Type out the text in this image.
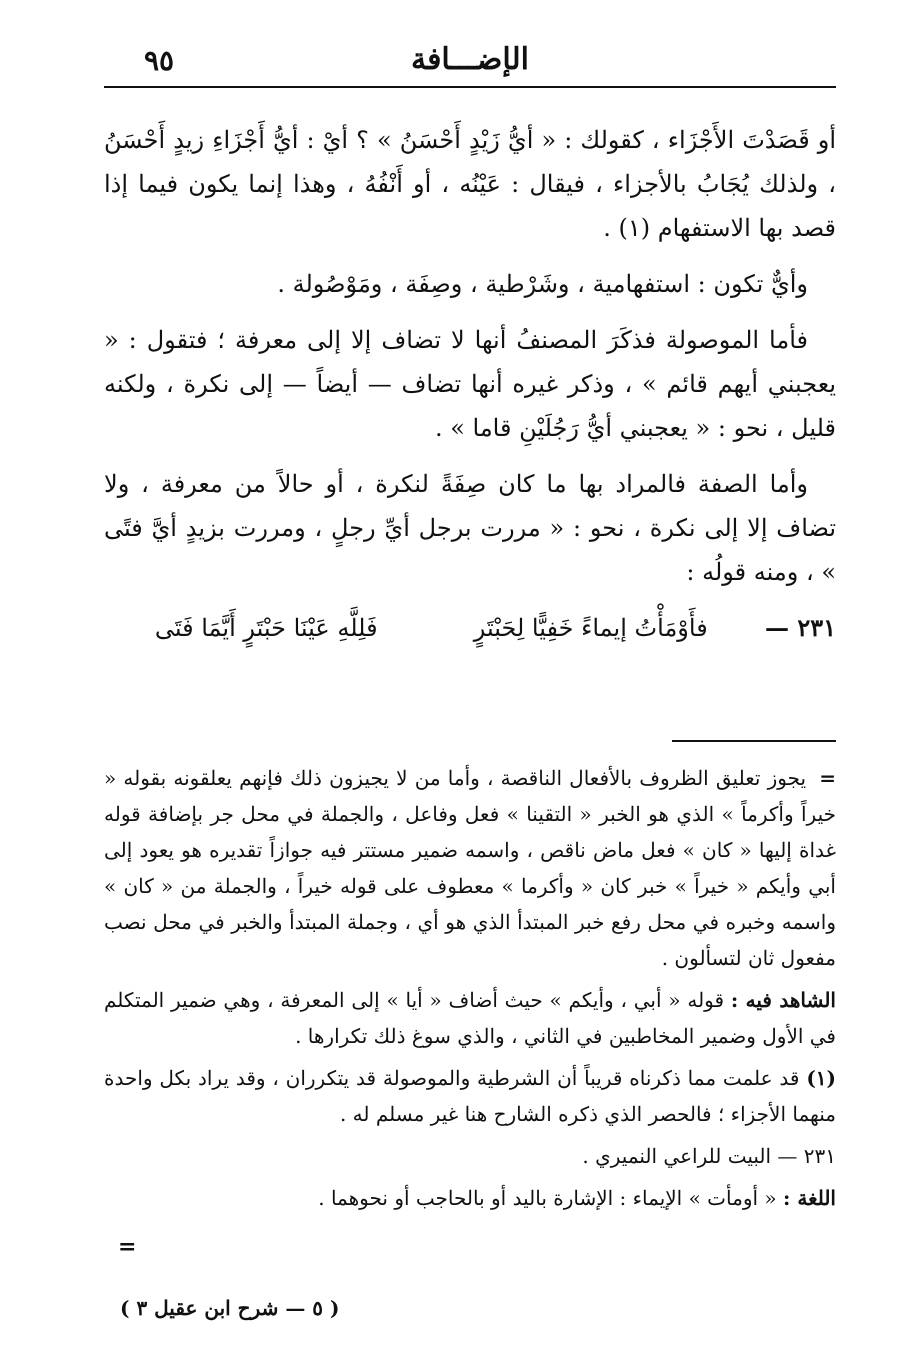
٩٥	الإضـــافة

أو قَصَدْتَ الأَجْزَاء ، كقولك : « أيُّ زَيْدٍ أَحْسَنُ » ؟ أيْ : أيُّ أَجْزَاءِ زيدٍ أَحْسَنُ ، ولذلك يُجَابُ بالأجزاء ، فيقال : عَيْنُه ، أو أَنْفُهُ ، وهذا إنما يكون فيما إذا قصد بها الاستفهام (١) .

وأيٌّ تكون : استفهامية ، وشَرْطية ، وصِفَة ، ومَوْصُولة .

فأما الموصولة فذكَرَ المصنفُ أنها لا تضاف إلا إلى معرفة ؛ فتقول : « يعجبني أيهم قائم » ، وذكر غيره أنها تضاف — أيضاً — إلى نكرة ، ولكنه قليل ، نحو : « يعجبني أيُّ رَجُلَيْنِ قاما » .

وأما الصفة فالمراد بها ما كان صِفَةً لنكرة ، أو حالاً من معرفة ، ولا تضاف إلا إلى نكرة ، نحو : « مررت برجل أيِّ رجلٍ ، ومررت بزيدٍ أيَّ فتًى » ، ومنه قولُه :

٢٣١ —
فأَوْمَأْتُ إيماءً خَفِيًّا لِحَبْتَرٍ
فَلِلَّهِ عَيْنَا حَبْتَرٍ أَيَّمَا فَتَى

= يجوز تعليق الظروف بالأفعال الناقصة ، وأما من لا يجيزون ذلك فإنهم يعلقونه بقوله « خيراً وأكرماً » الذي هو الخبر « التقينا » فعل وفاعل ، والجملة في محل جر بإضافة قوله غداة إليها « كان » فعل ماض ناقص ، واسمه ضمير مستتر فيه جوازاً تقديره هو يعود إلى أبي وأيكم « خيراً » خبر كان « وأكرما » معطوف على قوله خيراً ، والجملة من « كان » واسمه وخبره في محل رفع خبر المبتدأ الذي هو أي ، وجملة المبتدأ والخبر في محل نصب مفعول ثان لتسألون .

الشاهد فيه : قوله « أبي ، وأيكم » حيث أضاف « أيا » إلى المعرفة ، وهي ضمير المتكلم في الأول وضمير المخاطبين في الثاني ، والذي سوغ ذلك تكرارها .

(١) قد علمت مما ذكرناه قريباً أن الشرطية والموصولة قد يتكرران ، وقد يراد بكل واحدة منهما الأجزاء ؛ فالحصر الذي ذكره الشارح هنا غير مسلم له .

٢٣١ — البيت للراعي النميري .

اللغة : « أومأت » الإيماء : الإشارة باليد أو بالحاجب أو نحوهما .

=
( ٥ — شرح ابن عقيل ٣ )
